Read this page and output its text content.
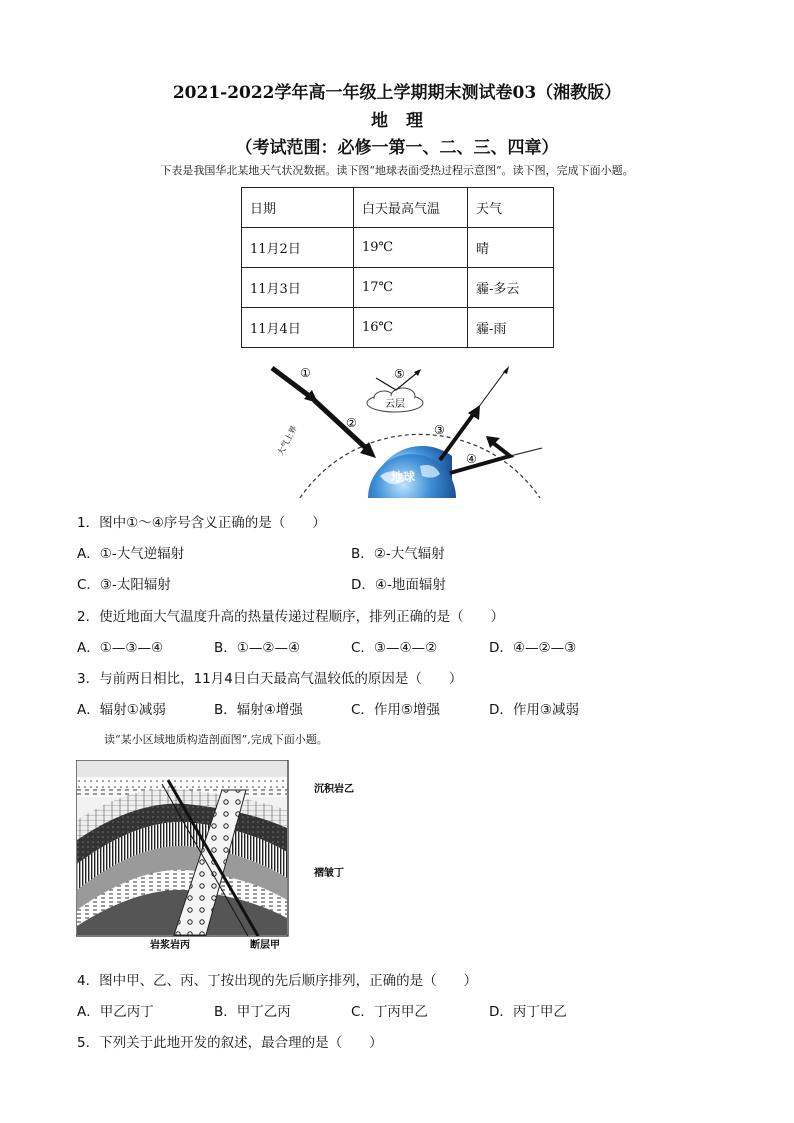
2021-2022学年高一年级上学期期末测试卷03（湘教版）
地理
（考试范围：必修一第一、二、三、四章）
下表是我国华北某地天气状况数据。读下图“地球表面受热过程示意图”。读下图，完成下面小题。
日期	白天最高气温	天气
11月2日	19℃	晴
11月3日	17℃	霾-多云
11月4日	16℃	霾-雨
大气上界
地球
①
②	③
④
云层
⑤
1．图中①～④序号含义正确的是（　　）
A．①-大气逆辐射	B．②-大气辐射
C．③-太阳辐射	D．④-地面辐射
2．使近地面大气温度升高的热量传递过程顺序，排列正确的是（　　）
A．①—③—④	B．①—②—④	C．③—④—②	D．④—②—③
3．与前两日相比，11月4日白天最高气温较低的原因是（　　）
A．辐射①减弱	B．辐射④增强	C．作用⑤增强	D．作用③减弱
读“某小区域地质构造剖面图”,完成下面小题。
沉积岩乙
褶皱丁
岩浆岩丙	断层甲
4．图中甲、乙、丙、丁按出现的先后顺序排列，正确的是（　　）
A．甲乙丙丁	B．甲丁乙丙	C．丁丙甲乙	D．丙丁甲乙
5．下列关于此地开发的叙述，最合理的是（　　）
